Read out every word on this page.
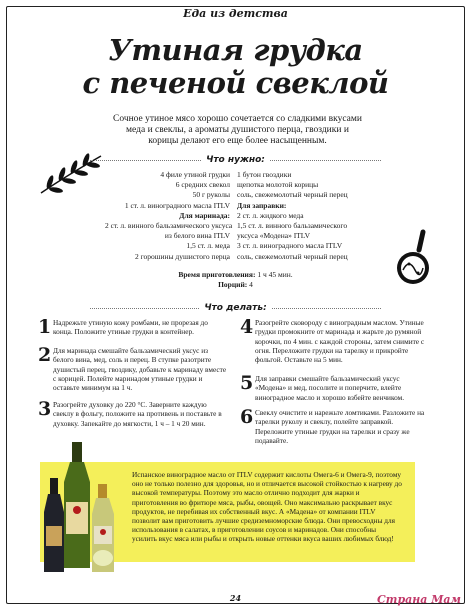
Еда из детства
Утиная грудка
с печеной свеклой
Сочное утиное мясо хорошо сочетается со сладкими вкусами меда и свеклы, а ароматы душистого перца, гвоздики и корицы делают его еще более насыщенным.
Что нужно:
4 филе утиной грудки
6 средних свекол
50 г руколы
1 ст. л. виноградного масла ITLV
Для маринада:
2 ст. л. винного бальзамического уксуса
из белого вина ITLV
1,5 ст. л. меда
2 горошины душистого перца
1 бутон гвоздики
щепотка молотой корицы
соль, свежемолотый черный перец
Для заправки:
2 ст. л. жидкого меда
1,5 ст. л. винного бальзамического
уксуса «Модена» ITLV
3 ст. л. виноградного масла ITLV
соль, свежемолотый черный перец
Время приготовления: 1 ч 45 мин.
Порций: 4
Что делать:
1 Надрежьте утиную кожу ромбами, не прорезая до конца. Положите утиные грудки в контейнер.
2 Для маринада смешайте бальзамический уксус из белого вина, мед, соль и перец. В ступке разотрите душистый перец, гвоздику, добавьте к маринаду вместе с корицей. Полейте маринадом утиные грудки и оставьте минимум на 1 ч.
3 Разогрейте духовку до 220 °С. Заверните каждую свеклу в фольгу, положите на противень и поставьте в духовку. Запекайте до мягкости, 1 ч – 1 ч 20 мин.
4 Разогрейте сковороду с виноградным маслом. Утиные грудки промокните от маринада и жарьте до румяной корочки, по 4 мин. с каждой стороны, затем снимите с огня. Переложите грудки на тарелку и прикройте фольгой. Оставьте на 5 мин.
5 Для заправки смешайте бальзамический уксус «Модена» и мед, посолите и поперчите, влейте виноградное масло и хорошо взбейте венчиком.
6 Свеклу очистите и нарежьте ломтиками. Разложите на тарелки руколу и свеклу, полейте заправкой. Переложите утиные грудки на тарелки и сразу же подавайте.
Испанское виноградное масло от ITLV содержит кислоты Омега-6 и Омега-9, поэтому оно не только полезно для здоровья, но и отличается высокой стойкостью к нагреву до высокой температуры. Поэтому это масло отлично подходит для жарки и приготовления во фритюре мяса, рыбы, овощей. Оно максимально раскрывает вкус продуктов, не перебивая их собственный вкус. А «Мадена» от компании ITLV позволит вам приготовить лучшие средиземноморские блюда. Они превосходны для использования в салатах, в приготовлении соусов и маринадов. Они способны усилить вкус мяса или рыбы и открыть новые оттенки вкуса ваших любимых блюд!
24	Страна Мам
